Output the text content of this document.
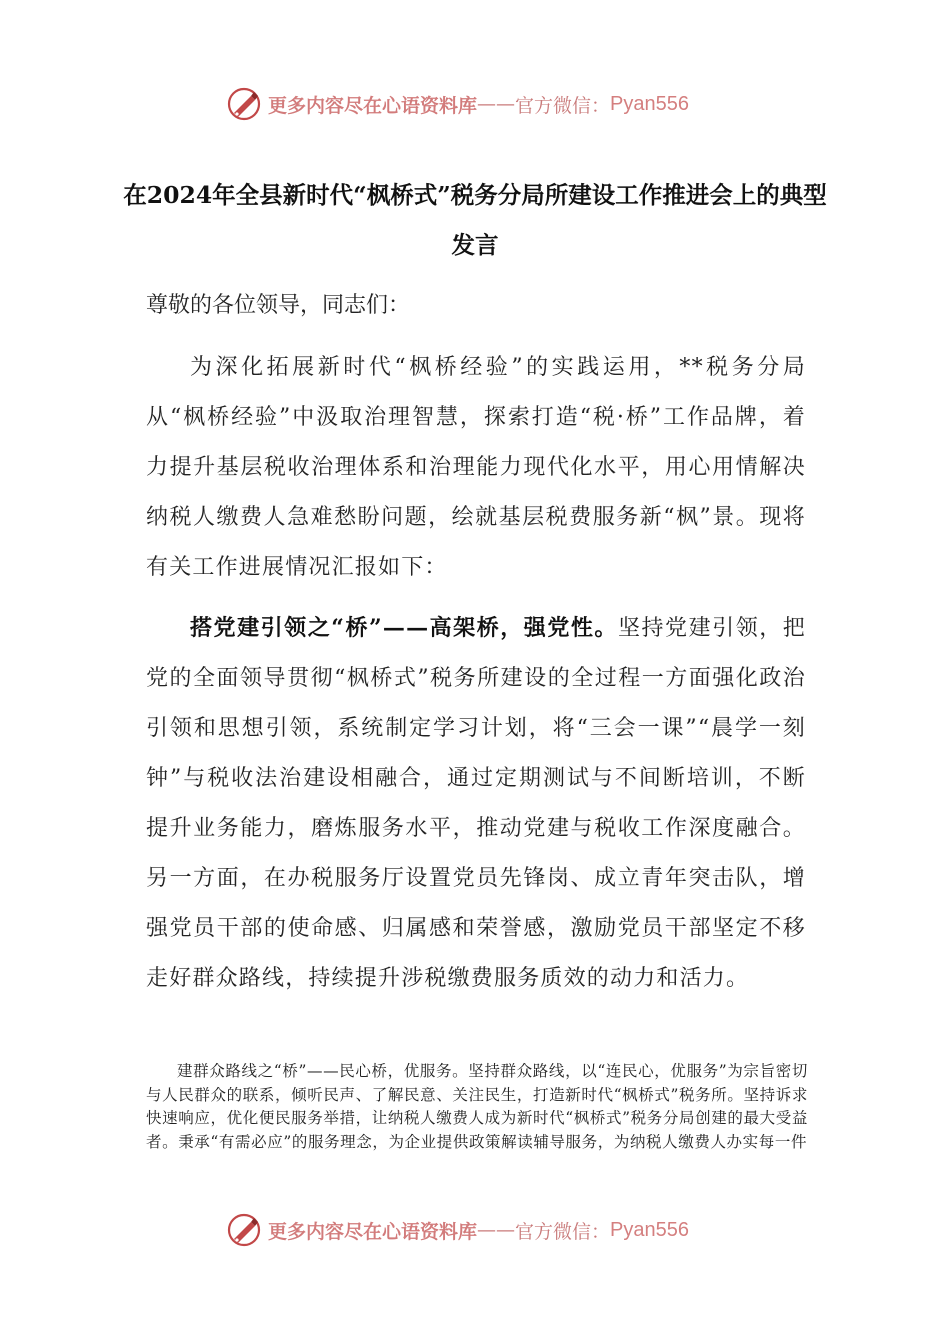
更多内容尽在心语资料库 —— 官方微信： Pyan556
在2024年全县新时代“枫桥式”税务分局所建设工作推进会上的典型发言
尊敬的各位领导，同志们：

为深化拓展新时代“枫桥经验”的实践运用，**税务分局从“枫桥经验”中汲取治理智慧，探索打造“税·桥”工作品牌，着力提升基层税收治理体系和治理能力现代化水平，用心用情解决纳税人缴费人急难愁盼问题，绘就基层税费服务新“枫”景。现将有关工作进展情况汇报如下：

搭党建引领之“桥”——高架桥，强党性。坚持党建引领，把党的全面领导贯彻“枫桥式”税务所建设的全过程一方面强化政治引领和思想引领，系统制定学习计划，将“三会一课”“晨学一刻钟”与税收法治建设相融合，通过定期测试与不间断培训，不断提升业务能力，磨炼服务水平，推动党建与税收工作深度融合。另一方面，在办税服务厅设置党员先锋岗、成立青年突击队，增强党员干部的使命感、归属感和荣誉感，激励党员干部坚定不移走好群众路线，持续提升涉税缴费服务质效的动力和活力。

建群众路线之“桥”——民心桥，优服务。坚持群众路线，以“连民心，优服务”为宗旨密切与人民群众的联系，倾听民声、了解民意、关注民生，打造新时代“枫桥式”税务所。坚持诉求快速响应，优化便民服务举措，让纳税人缴费人成为新时代“枫桥式”税务分局创建的最大受益者。秉承“有需必应”的服务理念，为企业提供政策解读辅导服务，为纳税人缴费人办实每一件

更多内容尽在心语资料库 —— 官方微信： Pyan556
